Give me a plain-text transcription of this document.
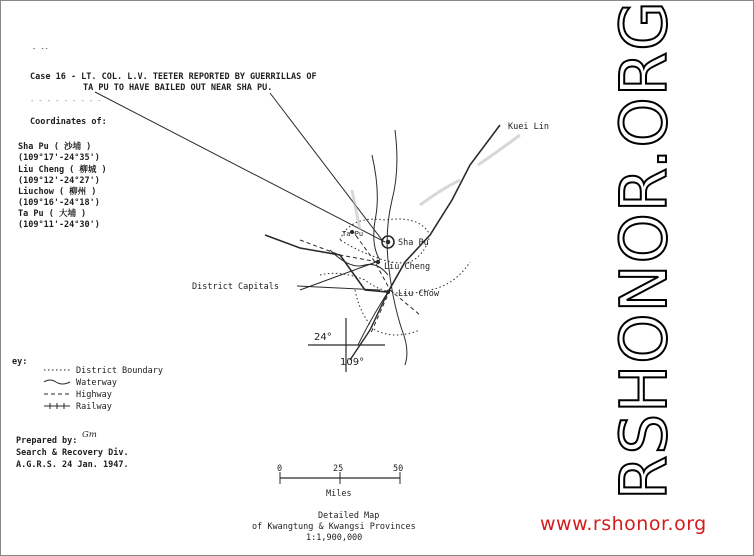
- -·
Case 16 - LT. COL. L.V. TEETER REPORTED BY GUERRILLAS OF
TA PU TO HAVE BAILED OUT NEAR SHA PU.
- - - - - - - - -
Coordinates of:
Sha Pu ( 沙埔 )
(109°17'-24°35')
Liu Cheng ( 柳城 )
(109°12'-24°27')
Liuchow ( 柳州 )
(109°16'-24°18')
Ta Pu ( 大埔 )
(109°11'-24°30')
Kuei Lin
Sha Pu
Ta Pu
Liu Cheng
Liu Chow
District Capitals
24°
109°
ey:
District Boundary
Waterway
Highway
Railway
Prepared by:
Gm
Search & Recovery Div.
A.G.R.S. 24 Jan. 1947.	0	25	50
Miles
Detailed Map
of Kwangtung & Kwangsi Provinces
1:1,900,000
RSHONOR.ORG
www.rshonor.org
